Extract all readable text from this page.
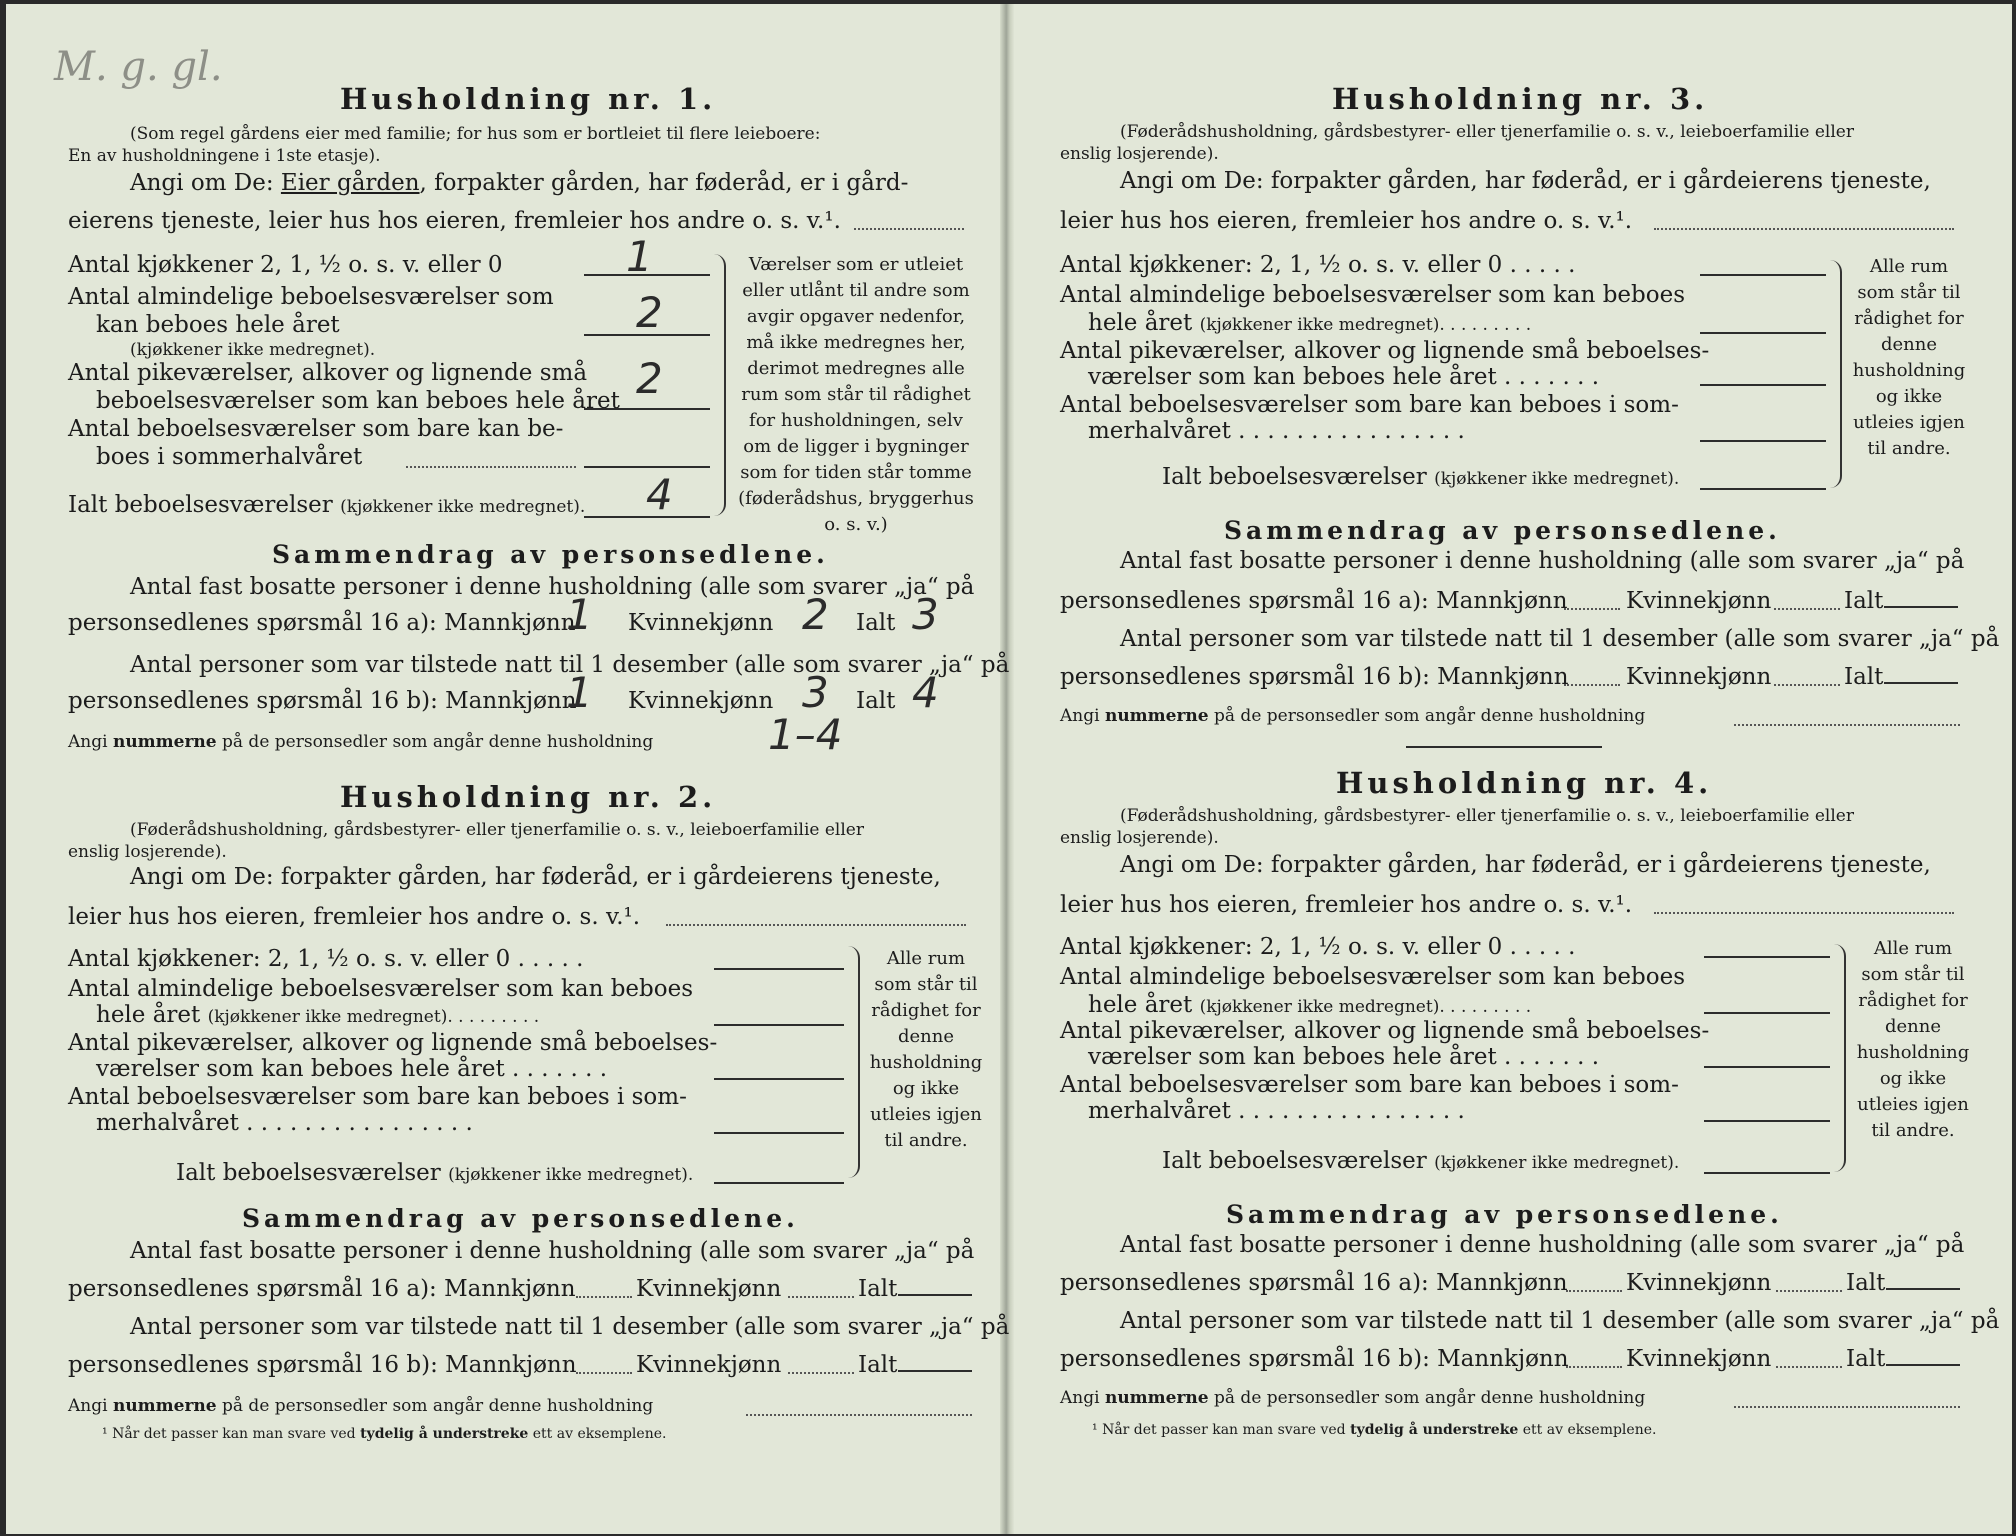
M. g. gl.
Husholdning nr. 1.
(Som regel gårdens eier med familie; for hus som er bortleiet til flere leieboere:
En av husholdningene i 1ste etasje).
Angi om De: Eier gården, forpakter gården, har føderåd, er i gård-
eierens tjeneste, leier hus hos eieren, fremleier hos andre o. s. v.¹.
Antal kjøkkener 2, 1, ½ o. s. v. eller 0	1
Antal almindelige beboelsesværelser som
kan beboes hele året
(kjøkkener ikke medregnet).
2
Antal pikeværelser, alkover og lignende små
beboelsesværelser som kan beboes hele året 2
Antal beboelsesværelser som bare kan be-
boes i sommerhalvåret
Ialt beboelsesværelser (kjøkkener ikke medregnet). 4
Værelser som er utleiet eller utlånt til andre som avgir opgaver nedenfor, må ikke medregnes her, derimot medregnes alle rum som står til rådighet for husholdningen, selv om de ligger i bygninger som for tiden står tomme (føderådshus, bryggerhus o. s. v.)
Sammendrag av personsedlene.
Antal fast bosatte personer i denne husholdning (alle som svarer „ja“ på
personsedlenes spørsmål 16 a): Mannkjønn
1 Kvinnekjønn 2 Ialt 3
Antal personer som var tilstede natt til 1 desember (alle som svarer „ja“ på
personsedlenes spørsmål 16 b): Mannkjønn
1 Kvinnekjønn 3 Ialt 4
Angi nummerne på de personsedler som angår denne husholdning	1–4
Husholdning nr. 2.
(Føderådshusholdning, gårdsbestyrer- eller tjenerfamilie o. s. v., leieboerfamilie eller
enslig losjerende).
Angi om De: forpakter gården, har føderåd, er i gårdeierens tjeneste,
leier hus hos eieren, fremleier hos andre o. s. v.¹.
Antal kjøkkener: 2, 1, ½ o. s. v. eller 0 . . . . .
Antal almindelige beboelsesværelser som kan beboes
hele året (kjøkkener ikke medregnet). . . . . . . . .
Antal pikeværelser, alkover og lignende små beboelses-
værelser som kan beboes hele året . . . . . . .
Antal beboelsesværelser som bare kan beboes i som-
merhalvåret . . . . . . . . . . . . . . . .
Ialt beboelsesværelser (kjøkkener ikke medregnet).
Alle rum som står til rådighet for denne husholdning og ikke utleies igjen til andre.
Sammendrag av personsedlene.
Antal fast bosatte personer i denne husholdning (alle som svarer „ja“ på
personsedlenes spørsmål 16 a): Mannkjønn	Kvinnekjønn	Ialt
Antal personer som var tilstede natt til 1 desember (alle som svarer „ja“ på
personsedlenes spørsmål 16 b): Mannkjønn	Kvinnekjønn	Ialt
Angi nummerne på de personsedler som angår denne husholdning
¹ Når det passer kan man svare ved tydelig å understreke ett av eksemplene.
Husholdning nr. 3.
(Føderådshusholdning, gårdsbestyrer- eller tjenerfamilie o. s. v., leieboerfamilie eller
enslig losjerende).
Angi om De: forpakter gården, har føderåd, er i gårdeierens tjeneste,
leier hus hos eieren, fremleier hos andre o. s. v.¹.
Antal kjøkkener: 2, 1, ½ o. s. v. eller 0 . . . . .
Antal almindelige beboelsesværelser som kan beboes
hele året (kjøkkener ikke medregnet). . . . . . . . .
Antal pikeværelser, alkover og lignende små beboelses-
værelser som kan beboes hele året . . . . . . .
Antal beboelsesværelser som bare kan beboes i som-
merhalvåret . . . . . . . . . . . . . . . .
Ialt beboelsesværelser (kjøkkener ikke medregnet).
Alle rum som står til rådighet for denne husholdning og ikke utleies igjen til andre.
Sammendrag av personsedlene.
Antal fast bosatte personer i denne husholdning (alle som svarer „ja“ på
personsedlenes spørsmål 16 a): Mannkjønn	Kvinnekjønn	Ialt
Antal personer som var tilstede natt til 1 desember (alle som svarer „ja“ på
personsedlenes spørsmål 16 b): Mannkjønn Kvinnekjønn	Ialt
Angi nummerne på de personsedler som angår denne husholdning
Husholdning nr. 4.
(Føderådshusholdning, gårdsbestyrer- eller tjenerfamilie o. s. v., leieboerfamilie eller
enslig losjerende).
Angi om De: forpakter gården, har føderåd, er i gårdeierens tjeneste,
leier hus hos eieren, fremleier hos andre o. s. v.¹.
Antal kjøkkener: 2, 1, ½ o. s. v. eller 0 . . . . .
Antal almindelige beboelsesværelser som kan beboes
hele året (kjøkkener ikke medregnet). . . . . . . . .
Antal pikeværelser, alkover og lignende små beboelses-
værelser som kan beboes hele året . . . . . . .
Antal beboelsesværelser som bare kan beboes i som-
merhalvåret . . . . . . . . . . . . . . . .
Ialt beboelsesværelser (kjøkkener ikke medregnet).
Alle rum som står til rådighet for denne husholdning og ikke utleies igjen til andre.
Sammendrag av personsedlene.
Antal fast bosatte personer i denne husholdning (alle som svarer „ja“ på
personsedlenes spørsmål 16 a): Mannkjønn	Kvinnekjønn	Ialt
Antal personer som var tilstede natt til 1 desember (alle som svarer „ja“ på
personsedlenes spørsmål 16 b): Mannkjønn Kvinnekjønn	Ialt
Angi nummerne på de personsedler som angår denne husholdning
¹ Når det passer kan man svare ved tydelig å understreke ett av eksemplene.
